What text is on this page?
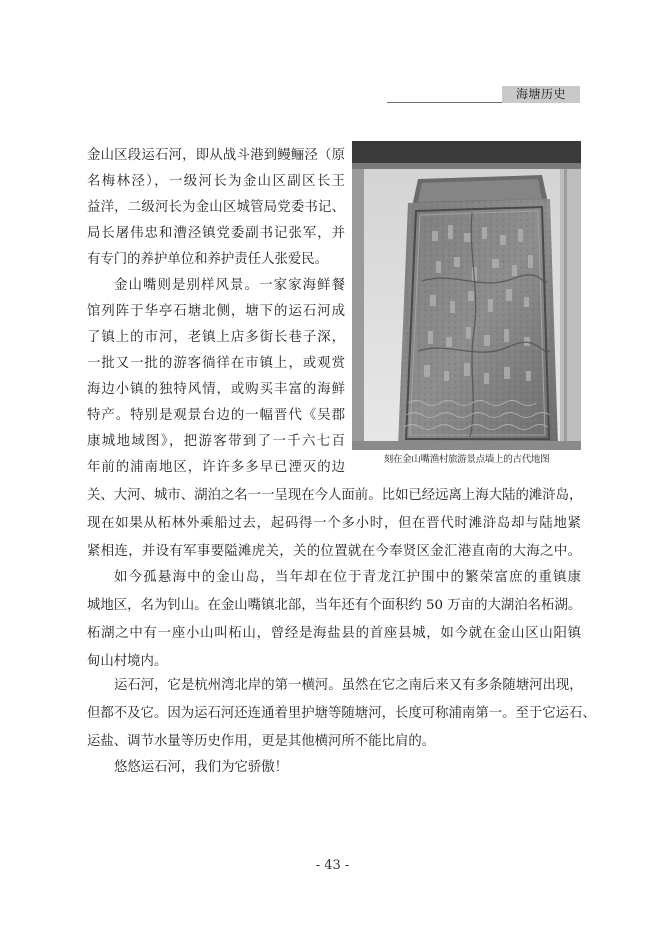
海塘历史
刻在金山嘴渔村旅游景点墙上的古代地图
金山区段运石河，即从战斗港到鳗鲡泾（原
名梅林泾），一级河长为金山区副区长王
益洋，二级河长为金山区城管局党委书记、
局长屠伟忠和漕泾镇党委副书记张军，并
有专门的养护单位和养护责任人张爱民。
金山嘴则是别样风景。一家家海鲜餐
馆列阵于华亭石塘北侧，塘下的运石河成
了镇上的市河，老镇上店多街长巷子深，
一批又一批的游客徜徉在市镇上，或观赏
海边小镇的独特风情，或购买丰富的海鲜
特产。特别是观景台边的一幅晋代《吴郡
康城地域图》，把游客带到了一千六七百
年前的浦南地区，许许多多早已湮灭的边
关、大河、城市、湖泊之名一一呈现在今人面前。比如已经远离上海大陆的滩浒岛，
现在如果从柘林外乘船过去，起码得一个多小时，但在晋代时滩浒岛却与陆地紧
紧相连，并设有军事要隘滩虎关，关的位置就在今奉贤区金汇港直南的大海之中。
如今孤悬海中的金山岛，当年却在位于青龙江护围中的繁荣富庶的重镇康
城地区，名为钊山。在金山嘴镇北部，当年还有个面积约 50 万亩的大湖泊名柘湖。
柘湖之中有一座小山叫柘山，曾经是海盐县的首座县城，如今就在金山区山阳镇
甸山村境内。
运石河，它是杭州湾北岸的第一横河。虽然在它之南后来又有多条随塘河出现，
但都不及它。因为运石河还连通着里护塘等随塘河，长度可称浦南第一。至于它运石、
运盐、调节水量等历史作用，更是其他横河所不能比肩的。
悠悠运石河，我们为它骄傲！
- 43 -
